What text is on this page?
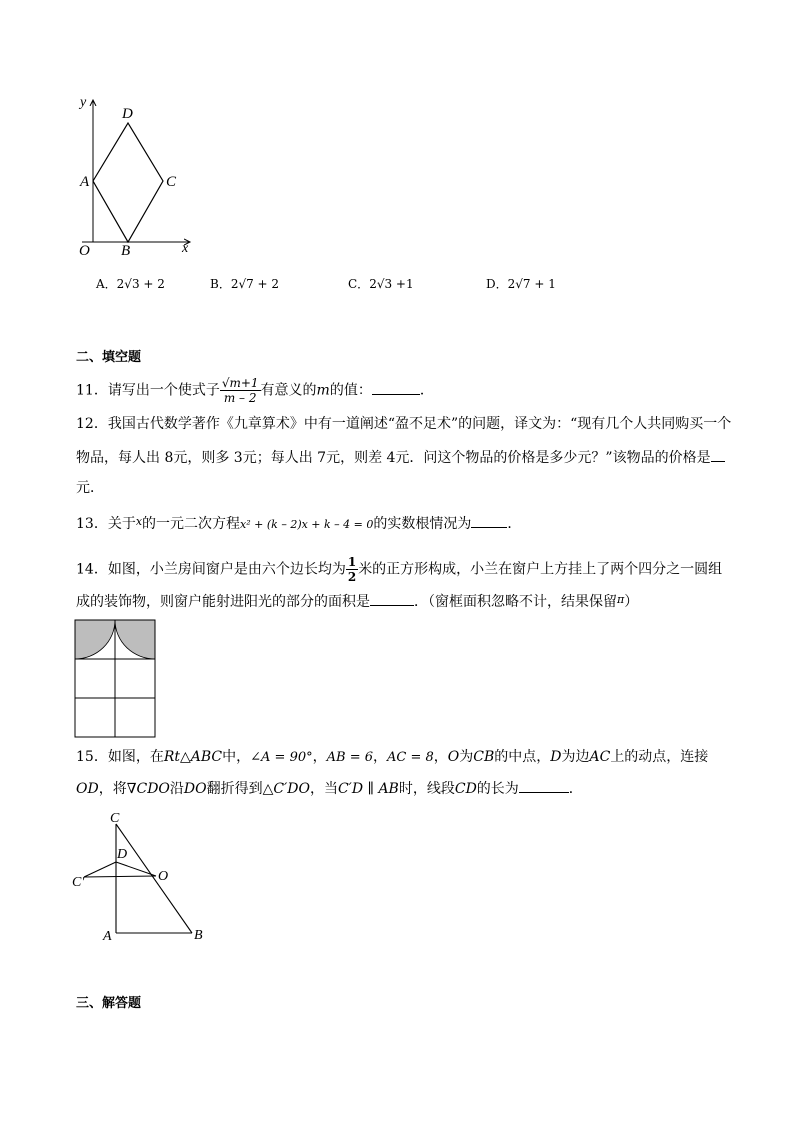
y
D
A	C
O B	x
A．2√3 + 2	B．2√7 + 2	C．2√3 +1	D．2√7 + 1
二、填空题
11．请写出一个使式子 $\frac{√m+1}{m - 2}$ 有意义的m的值：	．
12．我国古代数学著作《九章算术》中有一道阐述“盈不足术”的问题，译文为：“现有几个人共同购买一个
物品，每人出 8元，则多 3元；每人出 7元，则差 4元．问这个物品的价格是多少元？”该物品的价格是
元．
13．关于$^x$的一元二次方程x² + (k – 2)x + k – 4 = 0的实数根情况为	．
14．如图，小兰房间窗户是由六个边长均为 $\frac{1}{2}$ 米的正方形构成，小兰在窗户上方挂上了两个四分之一圆组
成的装饰物，则窗户能射进阳光的部分的面积是	．（窗框面积忽略不计，结果保留$^\pi$）
15．如图，在Rt△ABC中，∠A = 90°，AB = 6，AC = 8，O为CB的中点，D为边AC上的动点，连接
OD，将∇CDO沿DO翻折得到△C′DO，当C′D ∥ AB时，线段CD的长为	．
C
D
C′	O
A	B
三、解答题
